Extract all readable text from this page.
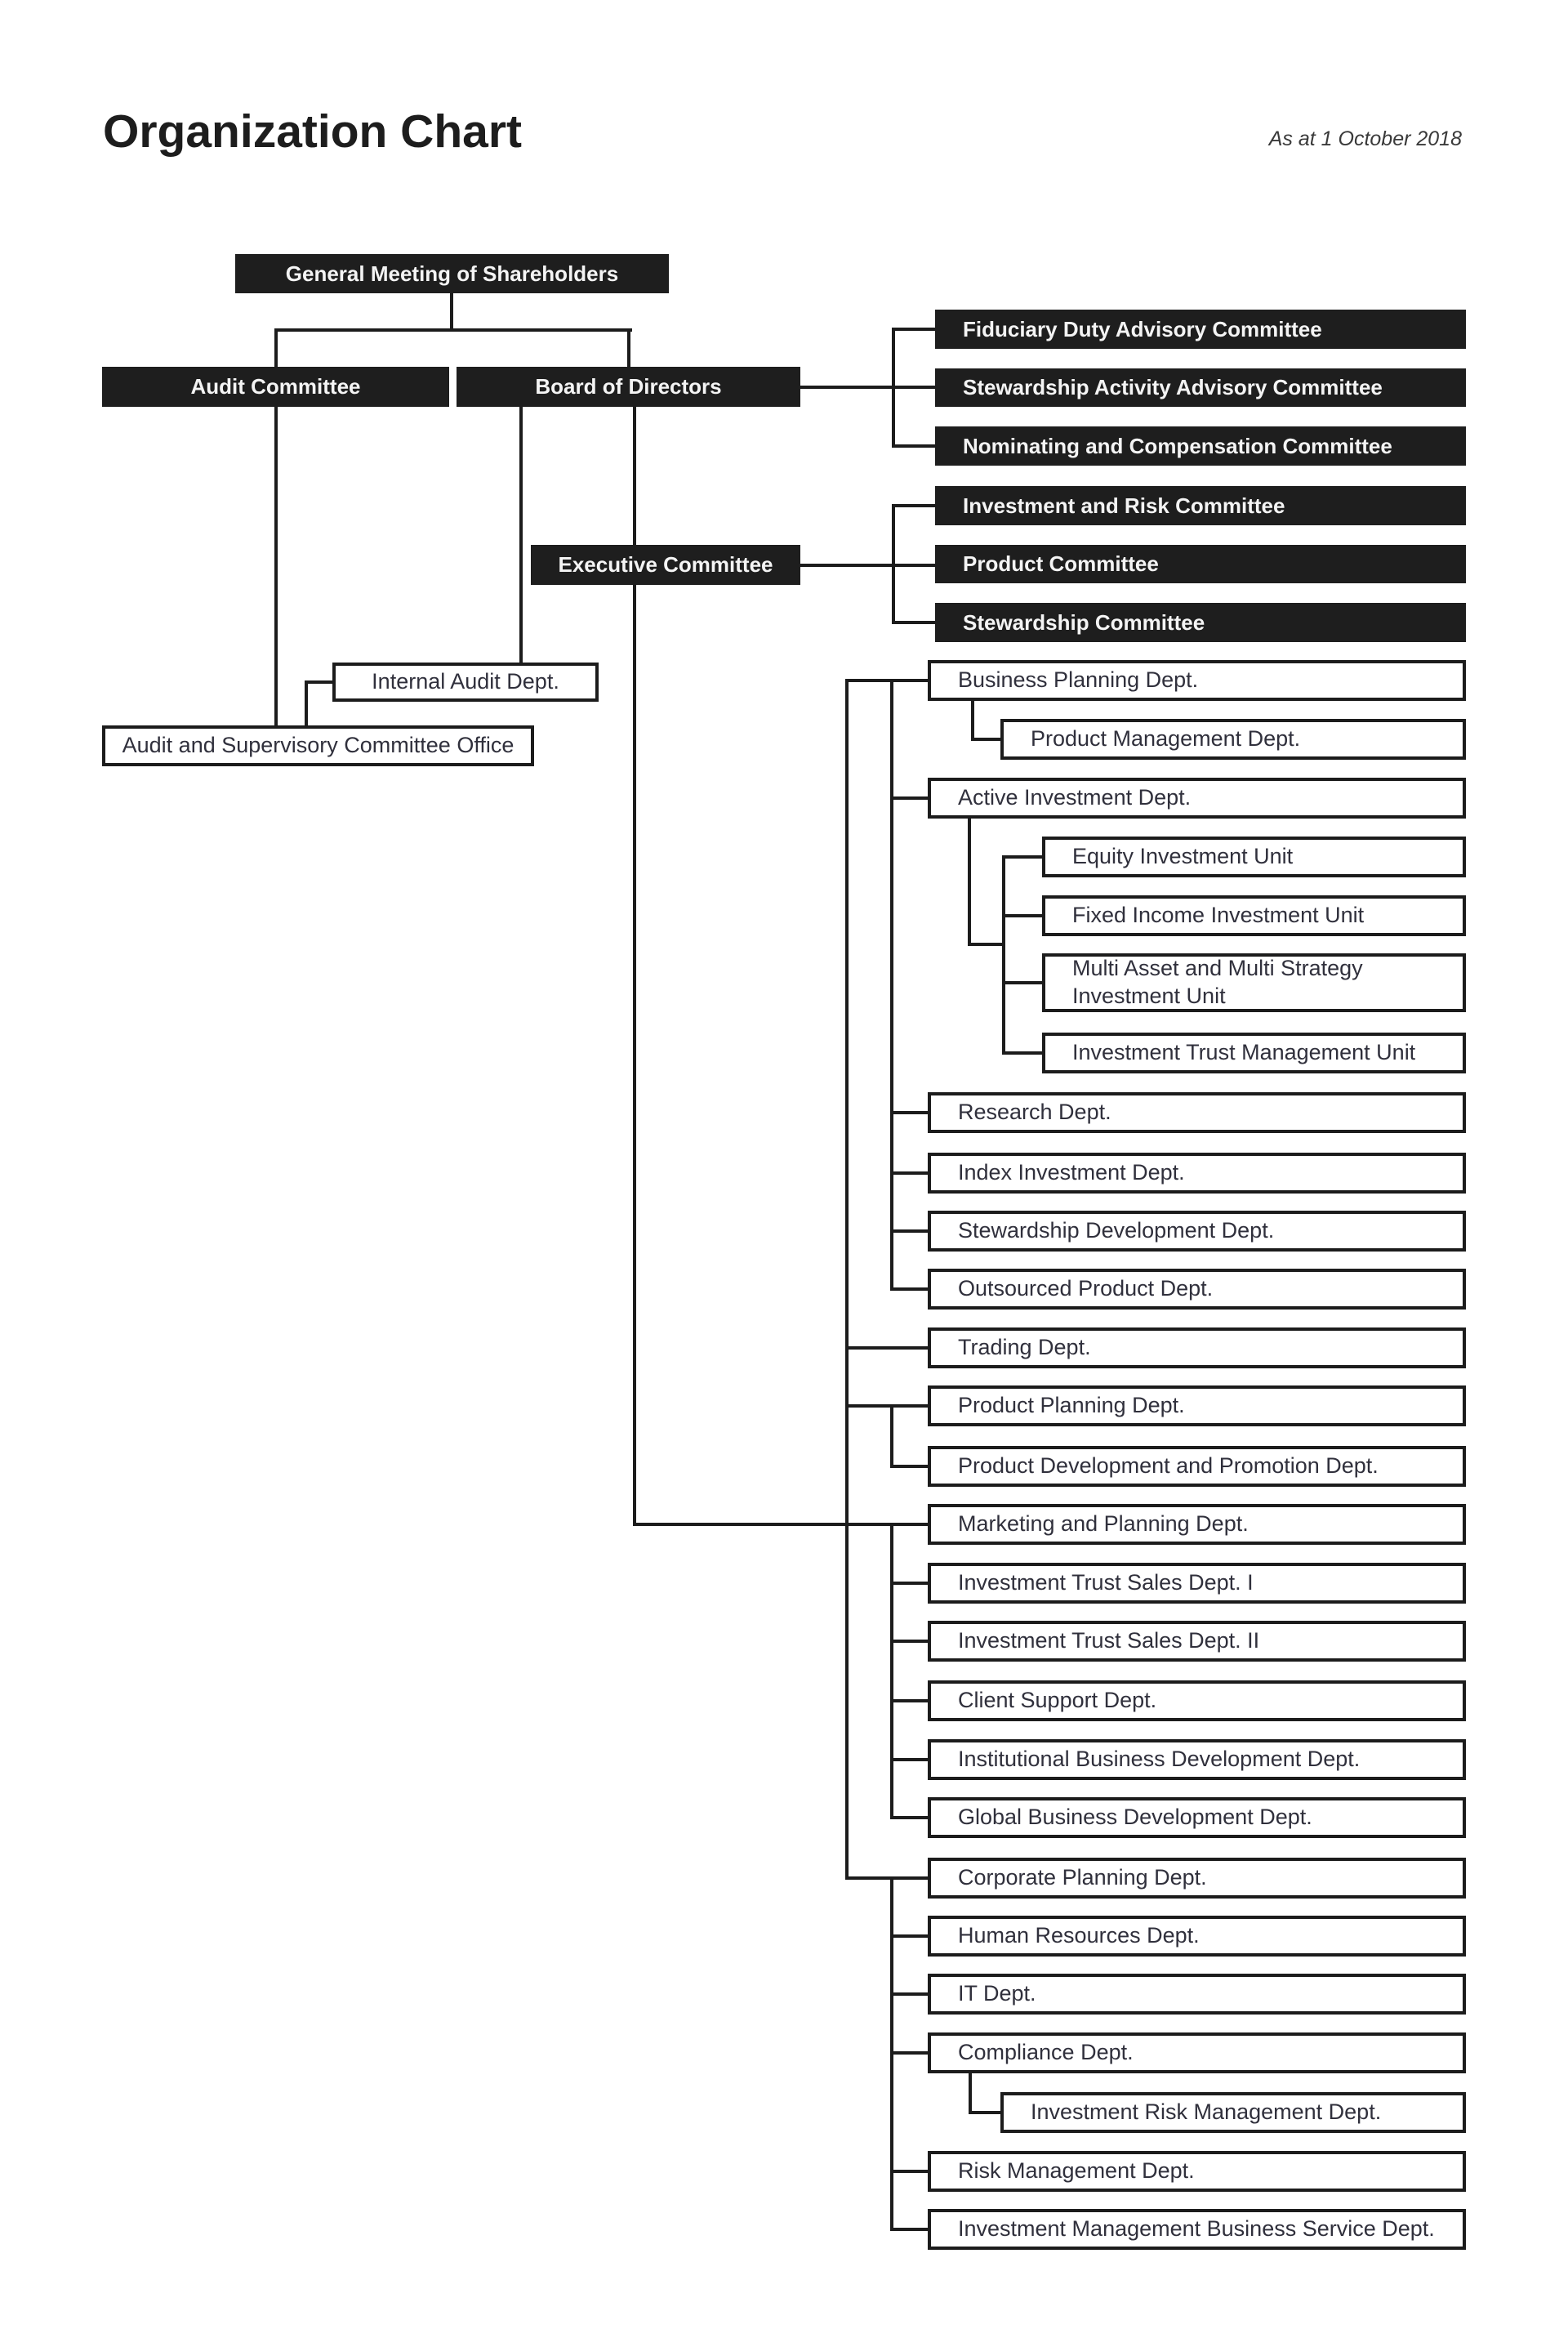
Organization Chart	As at 1 October 2018
General Meeting of Shareholders
Audit Committee	Board of Directors
Executive Committee
Fiduciary Duty Advisory Committee
Stewardship Activity Advisory Committee
Nominating and Compensation Committee
Investment and Risk Committee
Product Committee
Stewardship Committee
Internal Audit Dept.
Audit and Supervisory Committee Office
Business Planning Dept.
Product Management Dept.
Active Investment Dept.
Equity Investment Unit
Fixed Income Investment Unit
Multi Asset and Multi Strategy Investment Unit
Investment Trust Management Unit
Research Dept.
Index Investment Dept.
Stewardship Development Dept.
Outsourced Product Dept.
Trading Dept.
Product Planning Dept.
Product Development and Promotion Dept.
Marketing and Planning Dept.
Investment Trust Sales Dept. I
Investment Trust Sales Dept. II
Client Support Dept.
Institutional Business Development Dept.
Global Business Development Dept.
Corporate Planning Dept.
Human Resources Dept.
IT Dept.
Compliance Dept.
Investment Risk Management Dept.
Risk Management Dept.
Investment Management Business Service Dept.
